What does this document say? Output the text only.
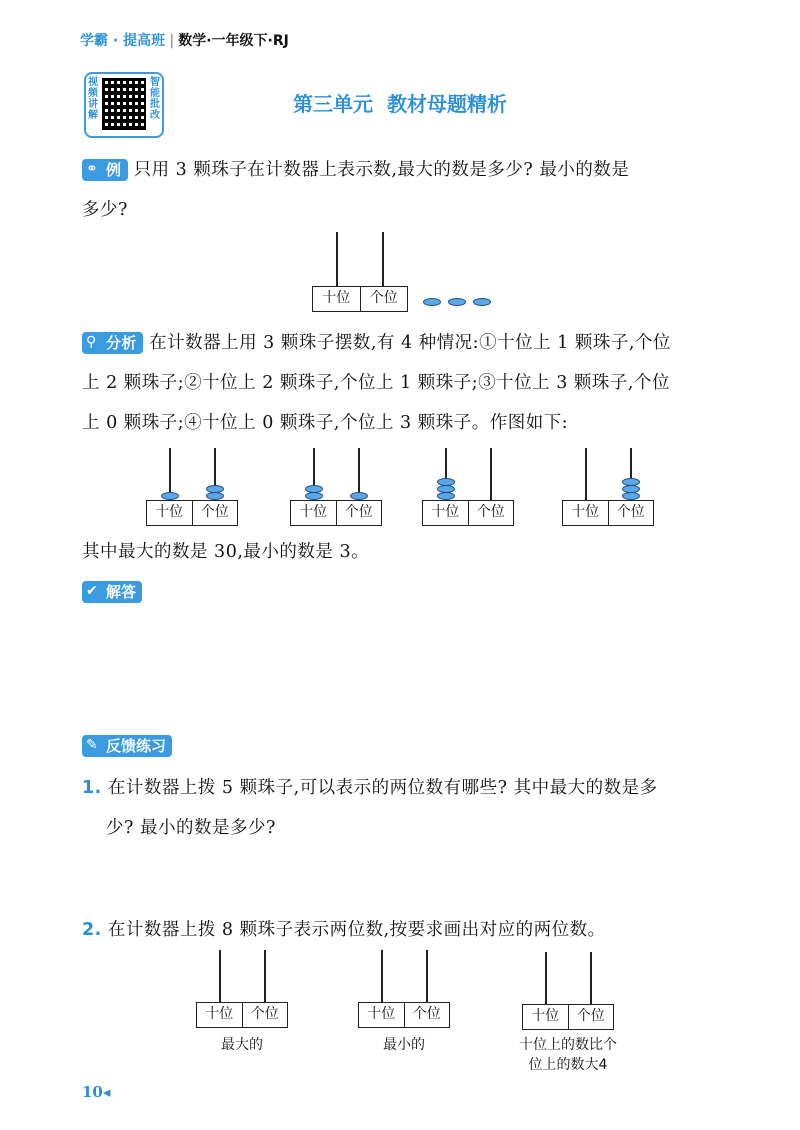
学霸 · 提高班 | 数学·一年级下·RJ
视频讲解
智能批改	第三单元 教材母题精析
⚭ 例 只用 3 颗珠子在计数器上表示数,最大的数是多少? 最小的数是
多少?
十位	个位
⚲ 分析 在计数器上用 3 颗珠子摆数,有 4 种情况:①十位上 1 颗珠子,个位
上 2 颗珠子;②十位上 2 颗珠子,个位上 1 颗珠子;③十位上 3 颗珠子,个位
上 0 颗珠子;④十位上 0 颗珠子,个位上 3 颗珠子。作图如下:
十位	个位	十位	个位	十位	个位	十位	个位
其中最大的数是 30,最小的数是 3。
✔ 解答
✎ 反馈练习
1. 在计数器上拨 5 颗珠子,可以表示的两位数有哪些? 其中最大的数是多
少? 最小的数是多少?
2. 在计数器上拨 8 颗珠子表示两位数,按要求画出对应的两位数。
十位	个位
最大的
十位	个位
最小的
十位	个位
十位上的数比个
位上的数大4
10◂
